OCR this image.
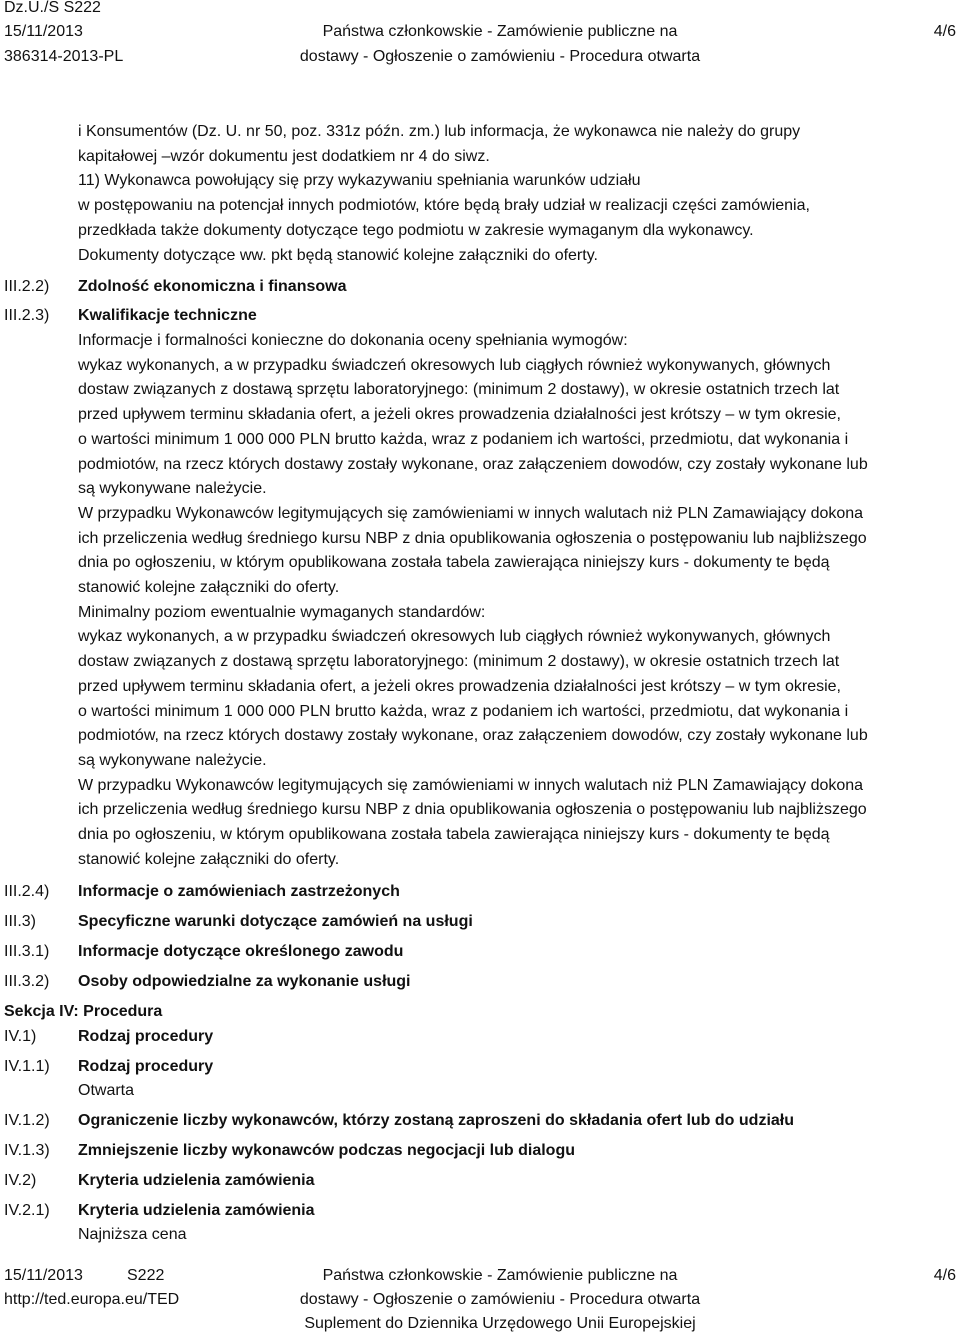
Dz.U./S S222
15/11/2013
386314-2013-PL
Państwa członkowskie - Zamówienie publiczne na
dostawy - Ogłoszenie o zamówieniu - Procedura otwarta
4/6
i Konsumentów (Dz. U. nr 50, poz. 331z późn. zm.) lub informacja, że wykonawca nie należy do grupy
kapitałowej –wzór dokumentu jest dodatkiem nr 4 do siwz.
11) Wykonawca powołujący się przy wykazywaniu spełniania warunków udziału
w postępowaniu na potencjał innych podmiotów, które będą brały udział w realizacji części zamówienia,
przedkłada także dokumenty dotyczące tego podmiotu w zakresie wymaganym dla wykonawcy.
Dokumenty dotyczące ww. pkt będą stanowić kolejne załączniki do oferty.
III.2.2)	Zdolność ekonomiczna i finansowa
III.2.3)	Kwalifikacje techniczne
Informacje i formalności konieczne do dokonania oceny spełniania wymogów:
wykaz wykonanych, a w przypadku świadczeń okresowych lub ciągłych również wykonywanych, głównych
dostaw związanych z dostawą sprzętu laboratoryjnego: (minimum 2 dostawy), w okresie ostatnich trzech lat
przed upływem terminu składania ofert, a jeżeli okres prowadzenia działalności jest krótszy – w tym okresie,
o wartości minimum 1 000 000 PLN brutto każda, wraz z podaniem ich wartości, przedmiotu, dat wykonania i
podmiotów, na rzecz których dostawy zostały wykonane, oraz załączeniem dowodów, czy zostały wykonane lub
są wykonywane należycie.
W przypadku Wykonawców legitymujących się zamówieniami w innych walutach niż PLN Zamawiający dokona
ich przeliczenia według średniego kursu NBP z dnia opublikowania ogłoszenia o postępowaniu lub najbliższego
dnia po ogłoszeniu, w którym opublikowana została tabela zawierająca niniejszy kurs - dokumenty te będą
stanowić kolejne załączniki do oferty.
Minimalny poziom ewentualnie wymaganych standardów:
wykaz wykonanych, a w przypadku świadczeń okresowych lub ciągłych również wykonywanych, głównych
dostaw związanych z dostawą sprzętu laboratoryjnego: (minimum 2 dostawy), w okresie ostatnich trzech lat
przed upływem terminu składania ofert, a jeżeli okres prowadzenia działalności jest krótszy – w tym okresie,
o wartości minimum 1 000 000 PLN brutto każda, wraz z podaniem ich wartości, przedmiotu, dat wykonania i
podmiotów, na rzecz których dostawy zostały wykonane, oraz załączeniem dowodów, czy zostały wykonane lub
są wykonywane należycie.
W przypadku Wykonawców legitymujących się zamówieniami w innych walutach niż PLN Zamawiający dokona
ich przeliczenia według średniego kursu NBP z dnia opublikowania ogłoszenia o postępowaniu lub najbliższego
dnia po ogłoszeniu, w którym opublikowana została tabela zawierająca niniejszy kurs - dokumenty te będą
stanowić kolejne załączniki do oferty.
III.2.4)	Informacje o zamówieniach zastrzeżonych
III.3)	Specyficzne warunki dotyczące zamówień na usługi
III.3.1)	Informacje dotyczące określonego zawodu
III.3.2)	Osoby odpowiedzialne za wykonanie usługi
Sekcja IV: Procedura
IV.1)	Rodzaj procedury
IV.1.1)	Rodzaj procedury
Otwarta
IV.1.2)	Ograniczenie liczby wykonawców, którzy zostaną zaproszeni do składania ofert lub do udziału
IV.1.3)	Zmniejszenie liczby wykonawców podczas negocjacji lub dialogu
IV.2)	Kryteria udzielenia zamówienia
IV.2.1)	Kryteria udzielenia zamówienia
Najniższa cena
15/11/2013	S222
http://ted.europa.eu/TED
Państwa członkowskie - Zamówienie publiczne na
dostawy - Ogłoszenie o zamówieniu - Procedura otwarta
Suplement do Dziennika Urzędowego Unii Europejskiej
4/6
